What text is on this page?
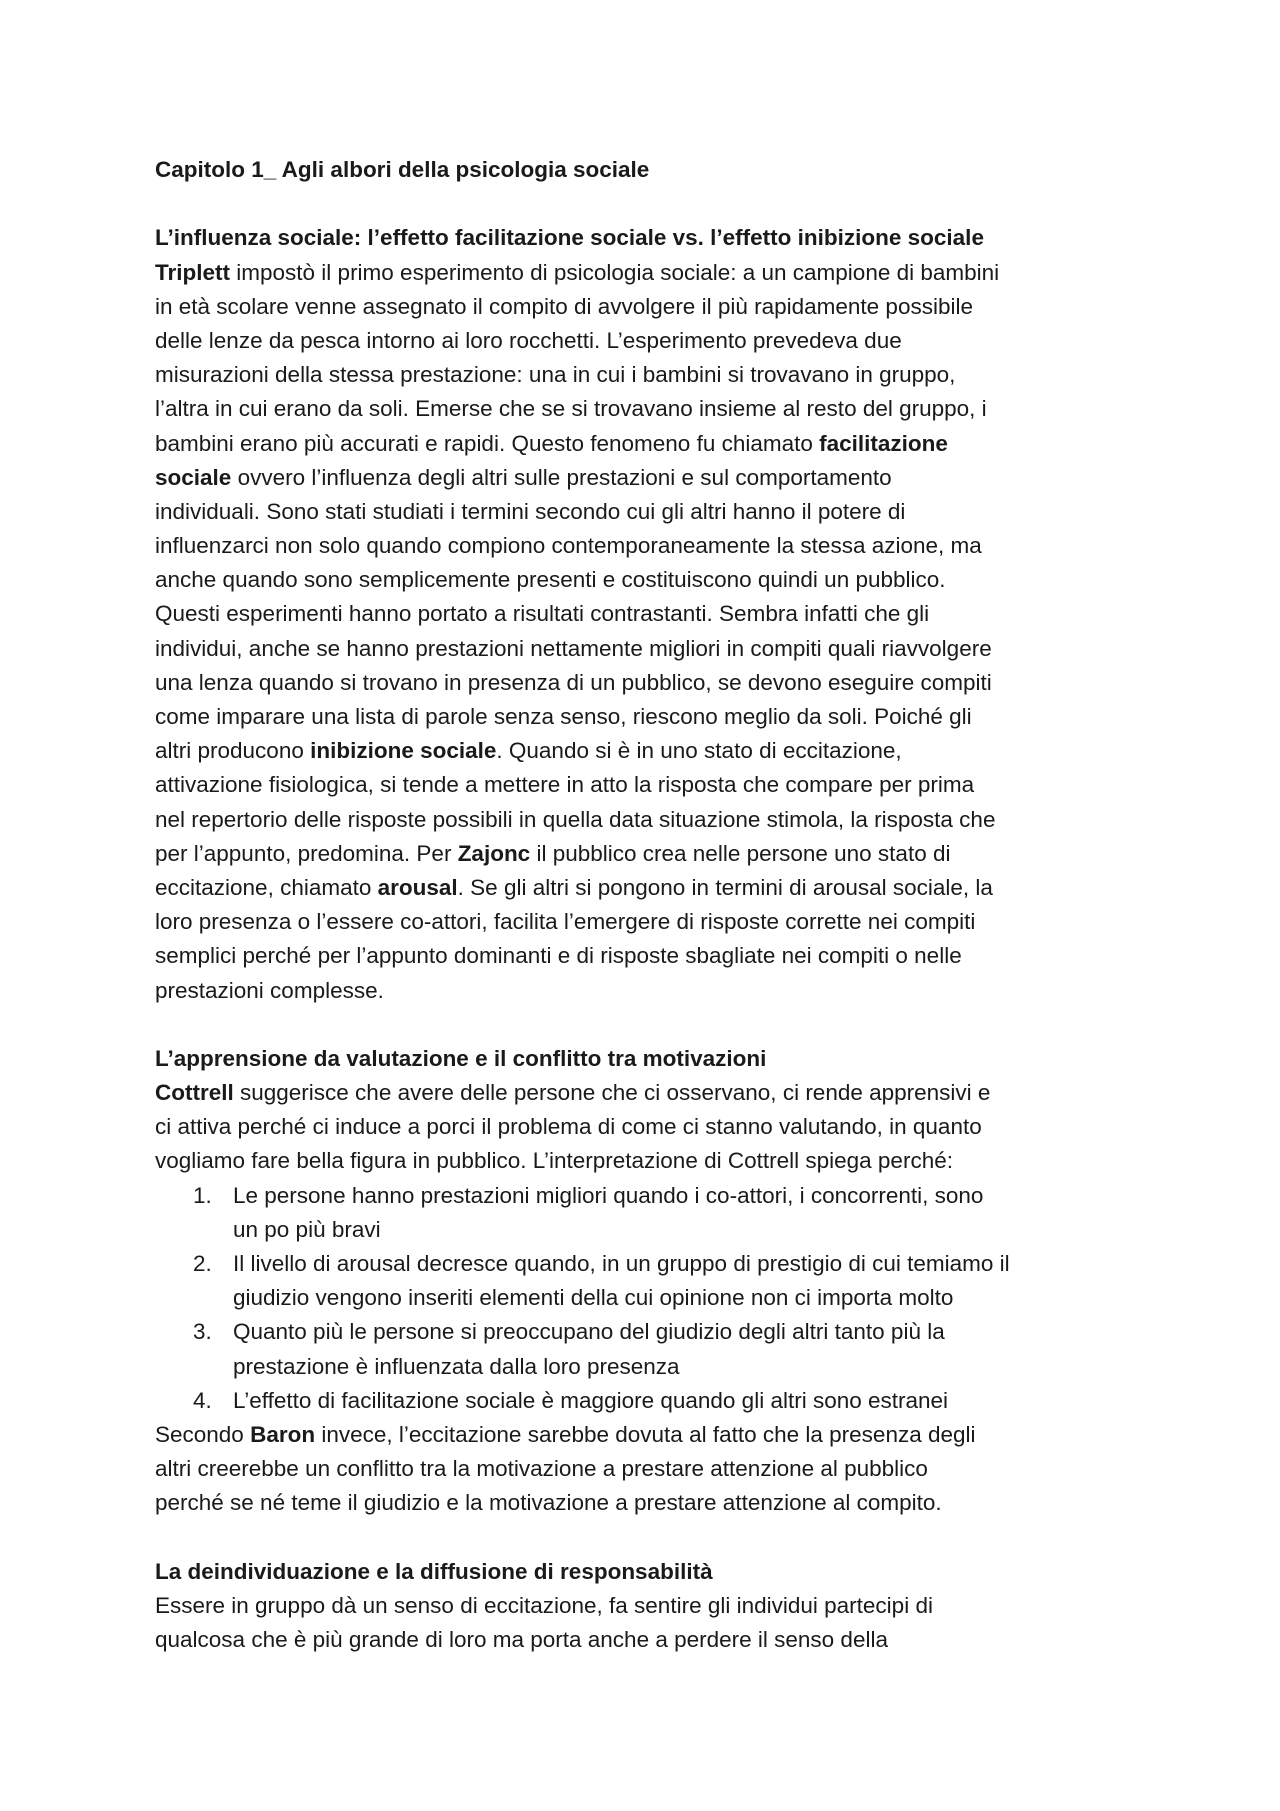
Capitolo 1_ Agli albori della psicologia sociale
L’influenza sociale: l’effetto facilitazione sociale vs. l’effetto inibizione sociale
Triplett impostò il primo esperimento di psicologia sociale: a un campione di bambini
in età scolare venne assegnato il compito di avvolgere il più rapidamente possibile
delle lenze da pesca intorno ai loro rocchetti. L’esperimento prevedeva due
misurazioni della stessa prestazione: una in cui i bambini si trovavano in gruppo,
l’altra in cui erano da soli. Emerse che se si trovavano insieme al resto del gruppo, i
bambini erano più accurati e rapidi. Questo fenomeno fu chiamato facilitazione
sociale ovvero l’influenza degli altri sulle prestazioni e sul comportamento
individuali. Sono stati studiati i termini secondo cui gli altri hanno il potere di
influenzarci non solo quando compiono contemporaneamente la stessa azione, ma
anche quando sono semplicemente presenti e costituiscono quindi un pubblico.
Questi esperimenti hanno portato a risultati contrastanti. Sembra infatti che gli
individui, anche se hanno prestazioni nettamente migliori in compiti quali riavvolgere
una lenza quando si trovano in presenza di un pubblico, se devono eseguire compiti
come imparare una lista di parole senza senso, riescono meglio da soli. Poiché gli
altri producono inibizione sociale. Quando si è in uno stato di eccitazione,
attivazione fisiologica, si tende a mettere in atto la risposta che compare per prima
nel repertorio delle risposte possibili in quella data situazione stimola, la risposta che
per l’appunto, predomina. Per Zajonc il pubblico crea nelle persone uno stato di
eccitazione, chiamato arousal. Se gli altri si pongono in termini di arousal sociale, la
loro presenza o l’essere co-attori, facilita l’emergere di risposte corrette nei compiti
semplici perché per l’appunto dominanti e di risposte sbagliate nei compiti o nelle
prestazioni complesse.
L’apprensione da valutazione e il conflitto tra motivazioni
Cottrell suggerisce che avere delle persone che ci osservano, ci rende apprensivi e
ci attiva perché ci induce a porci il problema di come ci stanno valutando, in quanto
vogliamo fare bella figura in pubblico. L’interpretazione di Cottrell spiega perché:
1. Le persone hanno prestazioni migliori quando i co-attori, i concorrenti, sono
un po più bravi
2. Il livello di arousal decresce quando, in un gruppo di prestigio di cui temiamo il
giudizio vengono inseriti elementi della cui opinione non ci importa molto
3. Quanto più le persone si preoccupano del giudizio degli altri tanto più la
prestazione è influenzata dalla loro presenza
4. L’effetto di facilitazione sociale è maggiore quando gli altri sono estranei
Secondo Baron invece, l’eccitazione sarebbe dovuta al fatto che la presenza degli
altri creerebbe un conflitto tra la motivazione a prestare attenzione al pubblico
perché se né teme il giudizio e la motivazione a prestare attenzione al compito.
La deindividuazione e la diffusione di responsabilità
Essere in gruppo dà un senso di eccitazione, fa sentire gli individui partecipi di
qualcosa che è più grande di loro ma porta anche a perdere il senso della
